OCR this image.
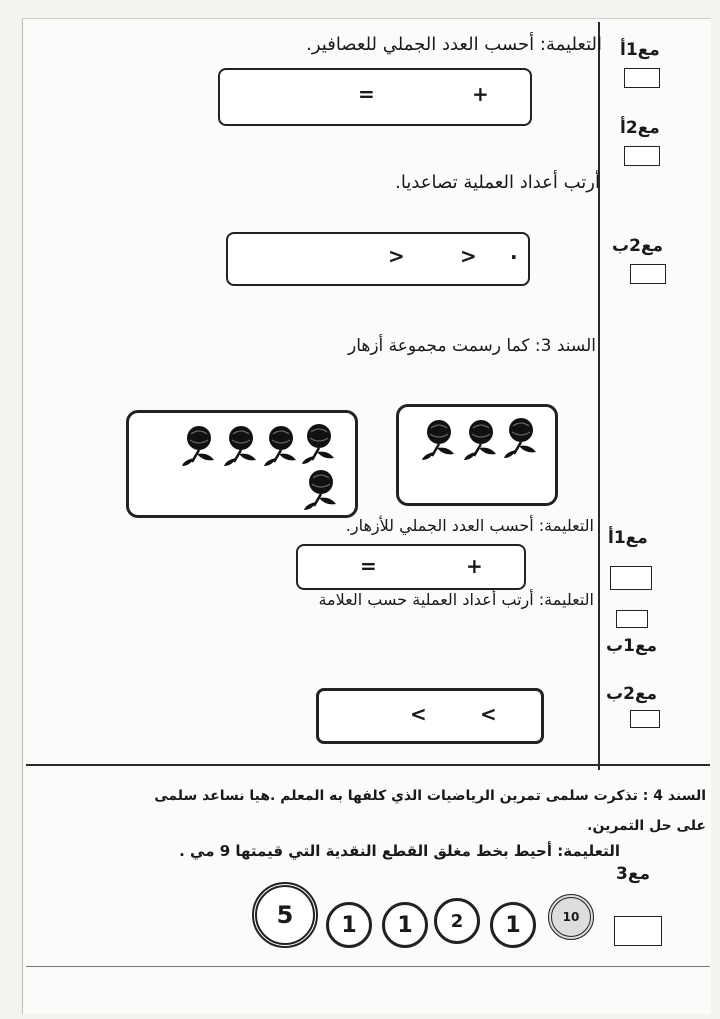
التعليمة: أحسب العدد الجملي للعصافير. مع1أ
+
=
مع2أ
أرتب أعداد العملية تصاعديا.
>	> .	مع2ب
السند 3: كما رسمت مجموعة أزهار
التعليمة: أحسب العدد الجملي للأزهار.
مع1أ
+
=
التعليمة: أرتب أعداد العملية حسب العلامة
مع1ب
مع2ب
<	<
السند 4 : تذكرت سلمى تمرين الرياضيات الذي كلفها به المعلم .هيا نساعد سلمى
على حل التمرين.
التعليمة: أحيط بخط مغلق القطع النقدية التي قيمتها 9 مي .
مع3
5	1	1	2	1	10
